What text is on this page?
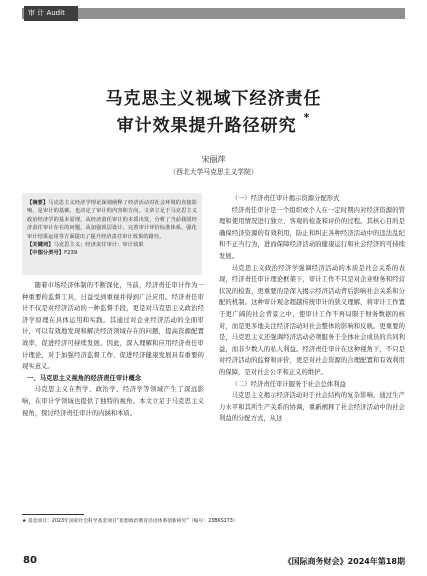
审 计 Audit
马克思主义视域下经济责任
审计效果提升路径研究 *
宋丽萍
（西北大学马克思主义学院）

【摘要】马克思主义经济学理论深刻阐释了经济活动对社会环境的直接影响，是审计的基础，也决定了审计的内容和方向。文章立足于马克思主义政治经济学的基本原理，从经济责任审计的本质出发，分析了当前我国经济责任审计存在的问题，从加强顶层设计、完善审计评价标准体系、强化审计结果运用等方面提出了提升经济责任审计效果的路径。

【关键词】马克思主义；经济责任审计；审计效果

【中图分类号】F239

随着市场经济体制的不断深化，当前，经济责任审计作为一种重要的监督工具，日益受到重视并得到广泛应用。经济责任审计不仅是对经济活动的一种监督手段，更是对马克思主义政治经济学原理在具体运用和实践。其通过对企业经济活动的全面审计，可以有效地发现和解决经济领域存在的问题，提高资源配置效率，促进经济可持续发展。因此，深入理解和应用经济责任审计理论，对于加强经济监督工作、促进经济健康发展具有重要的现实意义。

一、马克思主义视角的经济责任审计概念

马克思主义在哲学、政治学、经济学等领域产生了深远影响，在审计学领域也提供了独特的视角。本文立足于马克思主义视角，探讨经济责任审计的内涵和本质。

（一）经济责任审计揭示资源分配形式

经济责任审计是一个组织或个人在一定时期内对经济资源的管理和使用情况进行独立、客观的检查和评价的过程。其核心目的是确保经济资源的有效利用，防止和纠正各种经济活动中的违法乱纪和不正当行为，进而保障经济活动的健康运行和社会经济的可持续发展。

马克思主义政治经济学强调经济活动的本质是社会关系的表现，经济责任审计理论框架下，审计工作不只是对企业财务和经营状况的检查，更重要的是深入揭示经济活动背后影响社会关系和分配的机制。这种审计观念超越传统审计的狭义理解，将审计工作置于更广阔的社会背景之中，使审计工作不再局限于财务数据的核对，而是更多地关注经济活动对社会整体的影响和反映。更重要的是，马克思主义还强调经济活动必须服务于全体社会成员的共同利益，而非少数人的私人利益。经济责任审计在这种视角下，不只是对经济活动的监督和评价，更是对社会资源的合理配置和有效利用的保障，是对社会公平和正义的维护。

（二）经济责任审计服务于社会总体利益

马克思主义揭示经济活动对于社会结构的复杂影响，通过生产力水平和其所生产关系的协调，重新阐释了社会经济活动中的社会利益的分配方式，从这

★ 基金项目：2023年国家社会科学基金项目“思想政治教育话语体系创新研究”（编号：23BKS173）
80	《国际商务财会》2024年第18期
